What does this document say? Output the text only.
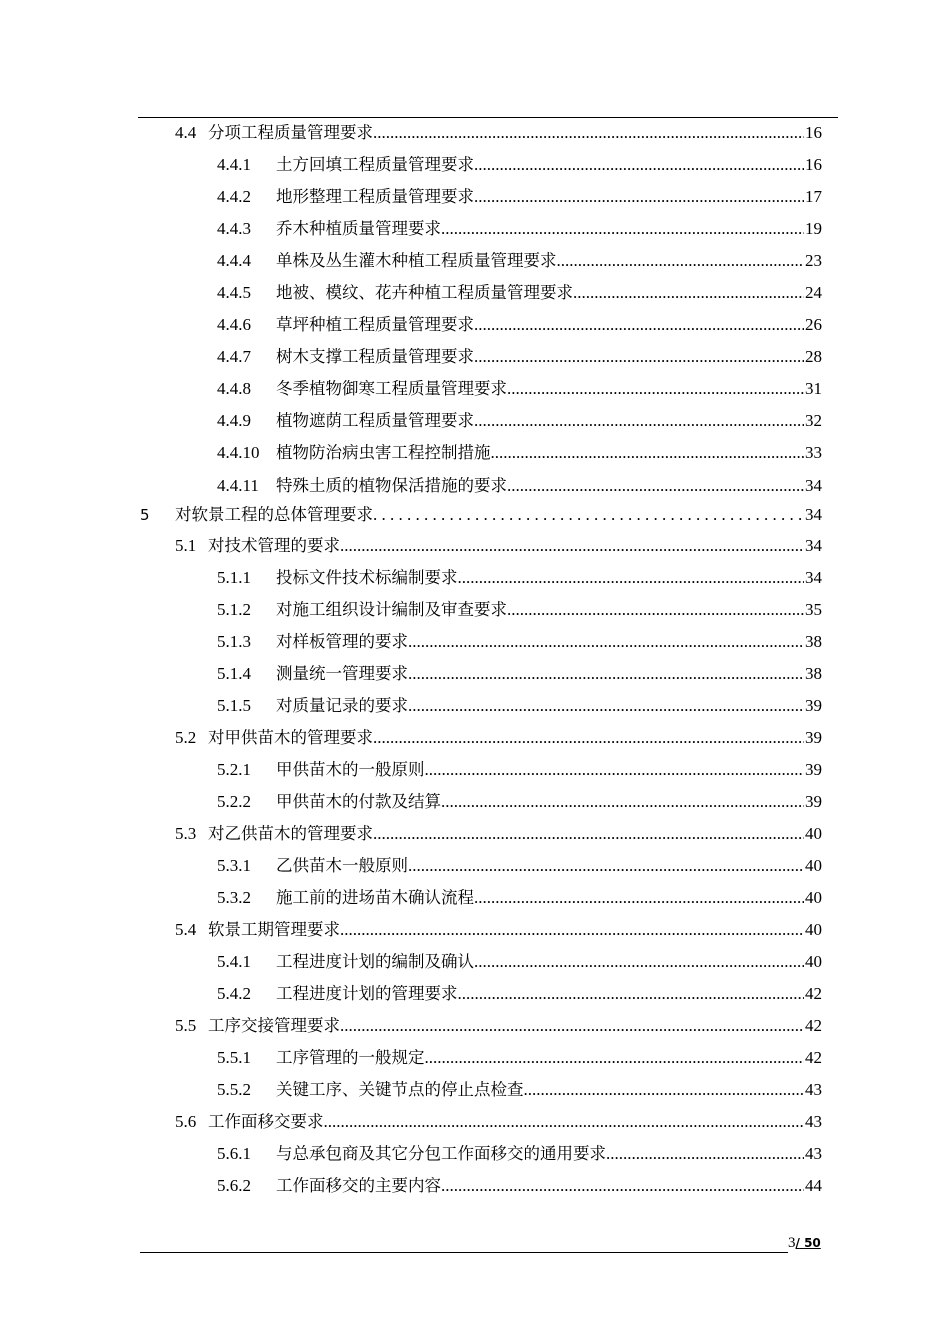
4.4 分项工程质量管理要求 .....	16
4.4.1 土方回填工程质量管理要求 .....	16
4.4.2 地形整理工程质量管理要求 .....	17
4.4.3 乔木种植质量管理要求 .....	19
4.4.4 单株及丛生灌木种植工程质量管理要求 .....	23
4.4.5 地被、模纹、花卉种植工程质量管理要求 .....	24
4.4.6 草坪种植工程质量管理要求 .....	26
4.4.7 树木支撑工程质量管理要求 .....	28
4.4.8 冬季植物御寒工程质量管理要求 .....	31
4.4.9 植物遮荫工程质量管理要求 .....	32
4.4.10 植物防治病虫害工程控制措施 .....	33
4.4.11 特殊土质的植物保活措施的要求 .....	34
5 对软景工程的总体管理要求 . .	34
5.1 对技术管理的要求 .....	34
5.1.1 投标文件技术标编制要求 .....	34
5.1.2 对施工组织设计编制及审查要求 .....	35
5.1.3 对样板管理的要求 .....	38
5.1.4 测量统一管理要求 .....	38
5.1.5 对质量记录的要求 .....	39
5.2 对甲供苗木的管理要求 .....	39
5.2.1 甲供苗木的一般原则 .....	39
5.2.2 甲供苗木的付款及结算 .....	39
5.3 对乙供苗木的管理要求 .....	40
5.3.1 乙供苗木一般原则 .....	40
5.3.2 施工前的进场苗木确认流程 .....	40
5.4 软景工期管理要求 .....	40
5.4.1 工程进度计划的编制及确认 .....	40
5.4.2 工程进度计划的管理要求 .....	42
5.5 工序交接管理要求 .....	42
5.5.1 工序管理的一般规定 .....	42
5.5.2 关键工序、关键节点的停止点检查 .....	43
5.6 工作面移交要求 .....	43
5.6.1 与总承包商及其它分包工作面移交的通用要求 .....	43
5.6.2 工作面移交的主要内容 .....	44
3/ 50
